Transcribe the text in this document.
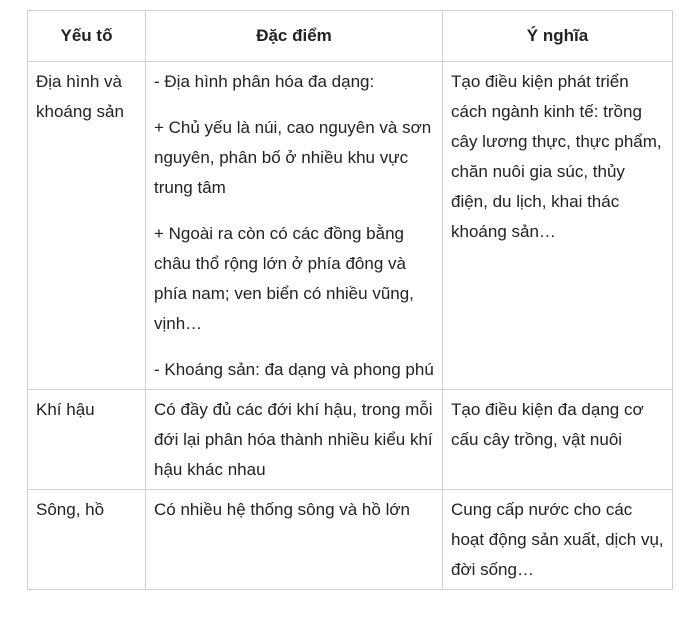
Yếu tố	Đặc điểm	Ý nghĩa

Địa hình và khoáng sản	- Địa hình phân hóa đa dạng:

+ Chủ yếu là núi, cao nguyên và sơn nguyên, phân bố ở nhiều khu vực trung tâm

+ Ngoài ra còn có các đồng bằng châu thổ rộng lớn ở phía đông và phía nam; ven biển có nhiều vũng, vịnh…

- Khoáng sản: đa dạng và phong phú	Tạo điều kiện phát triển cách ngành kinh tế: trồng cây lương thực, thực phẩm, chăn nuôi gia súc, thủy điện, du lịch, khai thác khoáng sản…

Khí hậu	Có đầy đủ các đới khí hậu, trong mỗi đới lại phân hóa thành nhiều kiểu khí hậu khác nhau	Tạo điều kiện đa dạng cơ cấu cây trồng, vật nuôi

Sông, hồ	Có nhiều hệ thống sông và hồ lớn	Cung cấp nước cho các hoạt động sản xuất, dịch vụ, đời sống…
